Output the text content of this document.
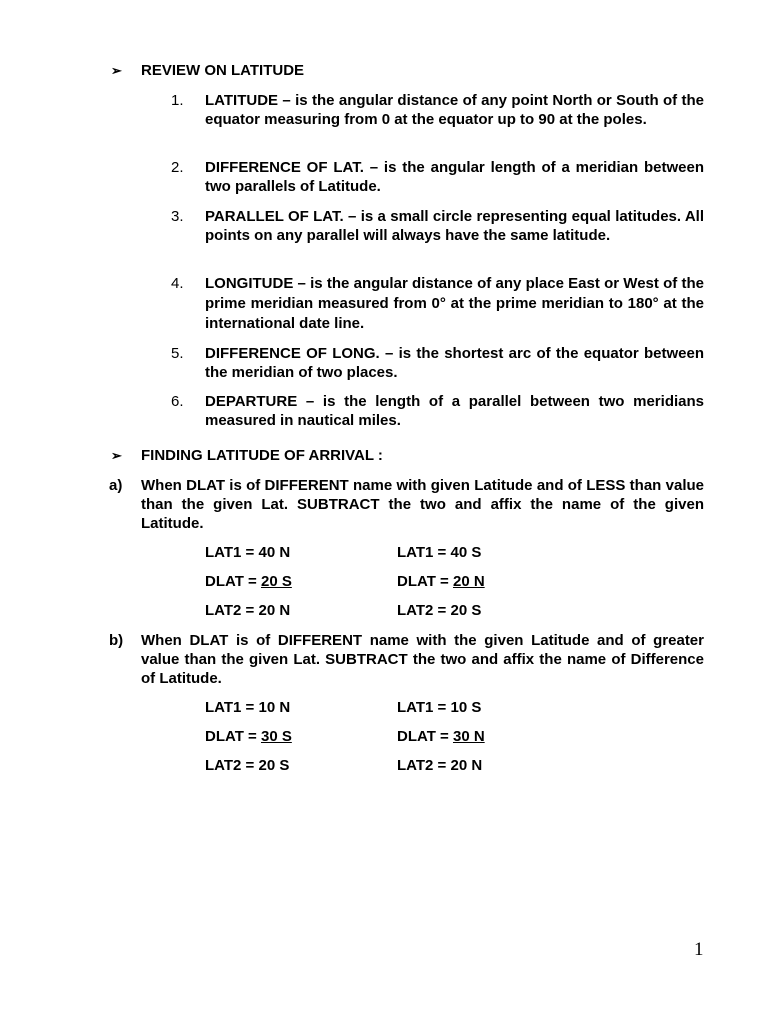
➢ REVIEW ON LATITUDE
1. LATITUDE – is the angular distance of any point North or South of the equator measuring from 0 at the equator up to 90 at the poles.
2. DIFFERENCE OF LAT. – is the angular length of a meridian between two parallels of Latitude.
3. PARALLEL OF LAT. – is a small circle representing equal latitudes. All points on any parallel will always have the same latitude.
4. LONGITUDE – is the angular distance of any place East or West of the prime meridian measured from 0° at the prime meridian to 180° at the international date line.
5. DIFFERENCE OF LONG. – is the shortest arc of the equator between the meridian of two places.
6. DEPARTURE – is the length of a parallel between two meridians measured in nautical miles.
➢ FINDING LATITUDE OF ARRIVAL :
a) When DLAT is of DIFFERENT name with given Latitude and of LESS than value than the given Lat. SUBTRACT the two and affix the name of the given Latitude.
LAT1 = 40 N	LAT1 = 40 S
DLAT = 20 S	DLAT = 20 N
LAT2 = 20 N	LAT2 = 20 S
b) When DLAT is of DIFFERENT name with the given Latitude and of greater value than the given Lat. SUBTRACT the two and affix the name of Difference of Latitude.
LAT1 = 10 N	LAT1 = 10 S
DLAT = 30 S	DLAT = 30 N
LAT2 = 20 S	LAT2 = 20 N
1
